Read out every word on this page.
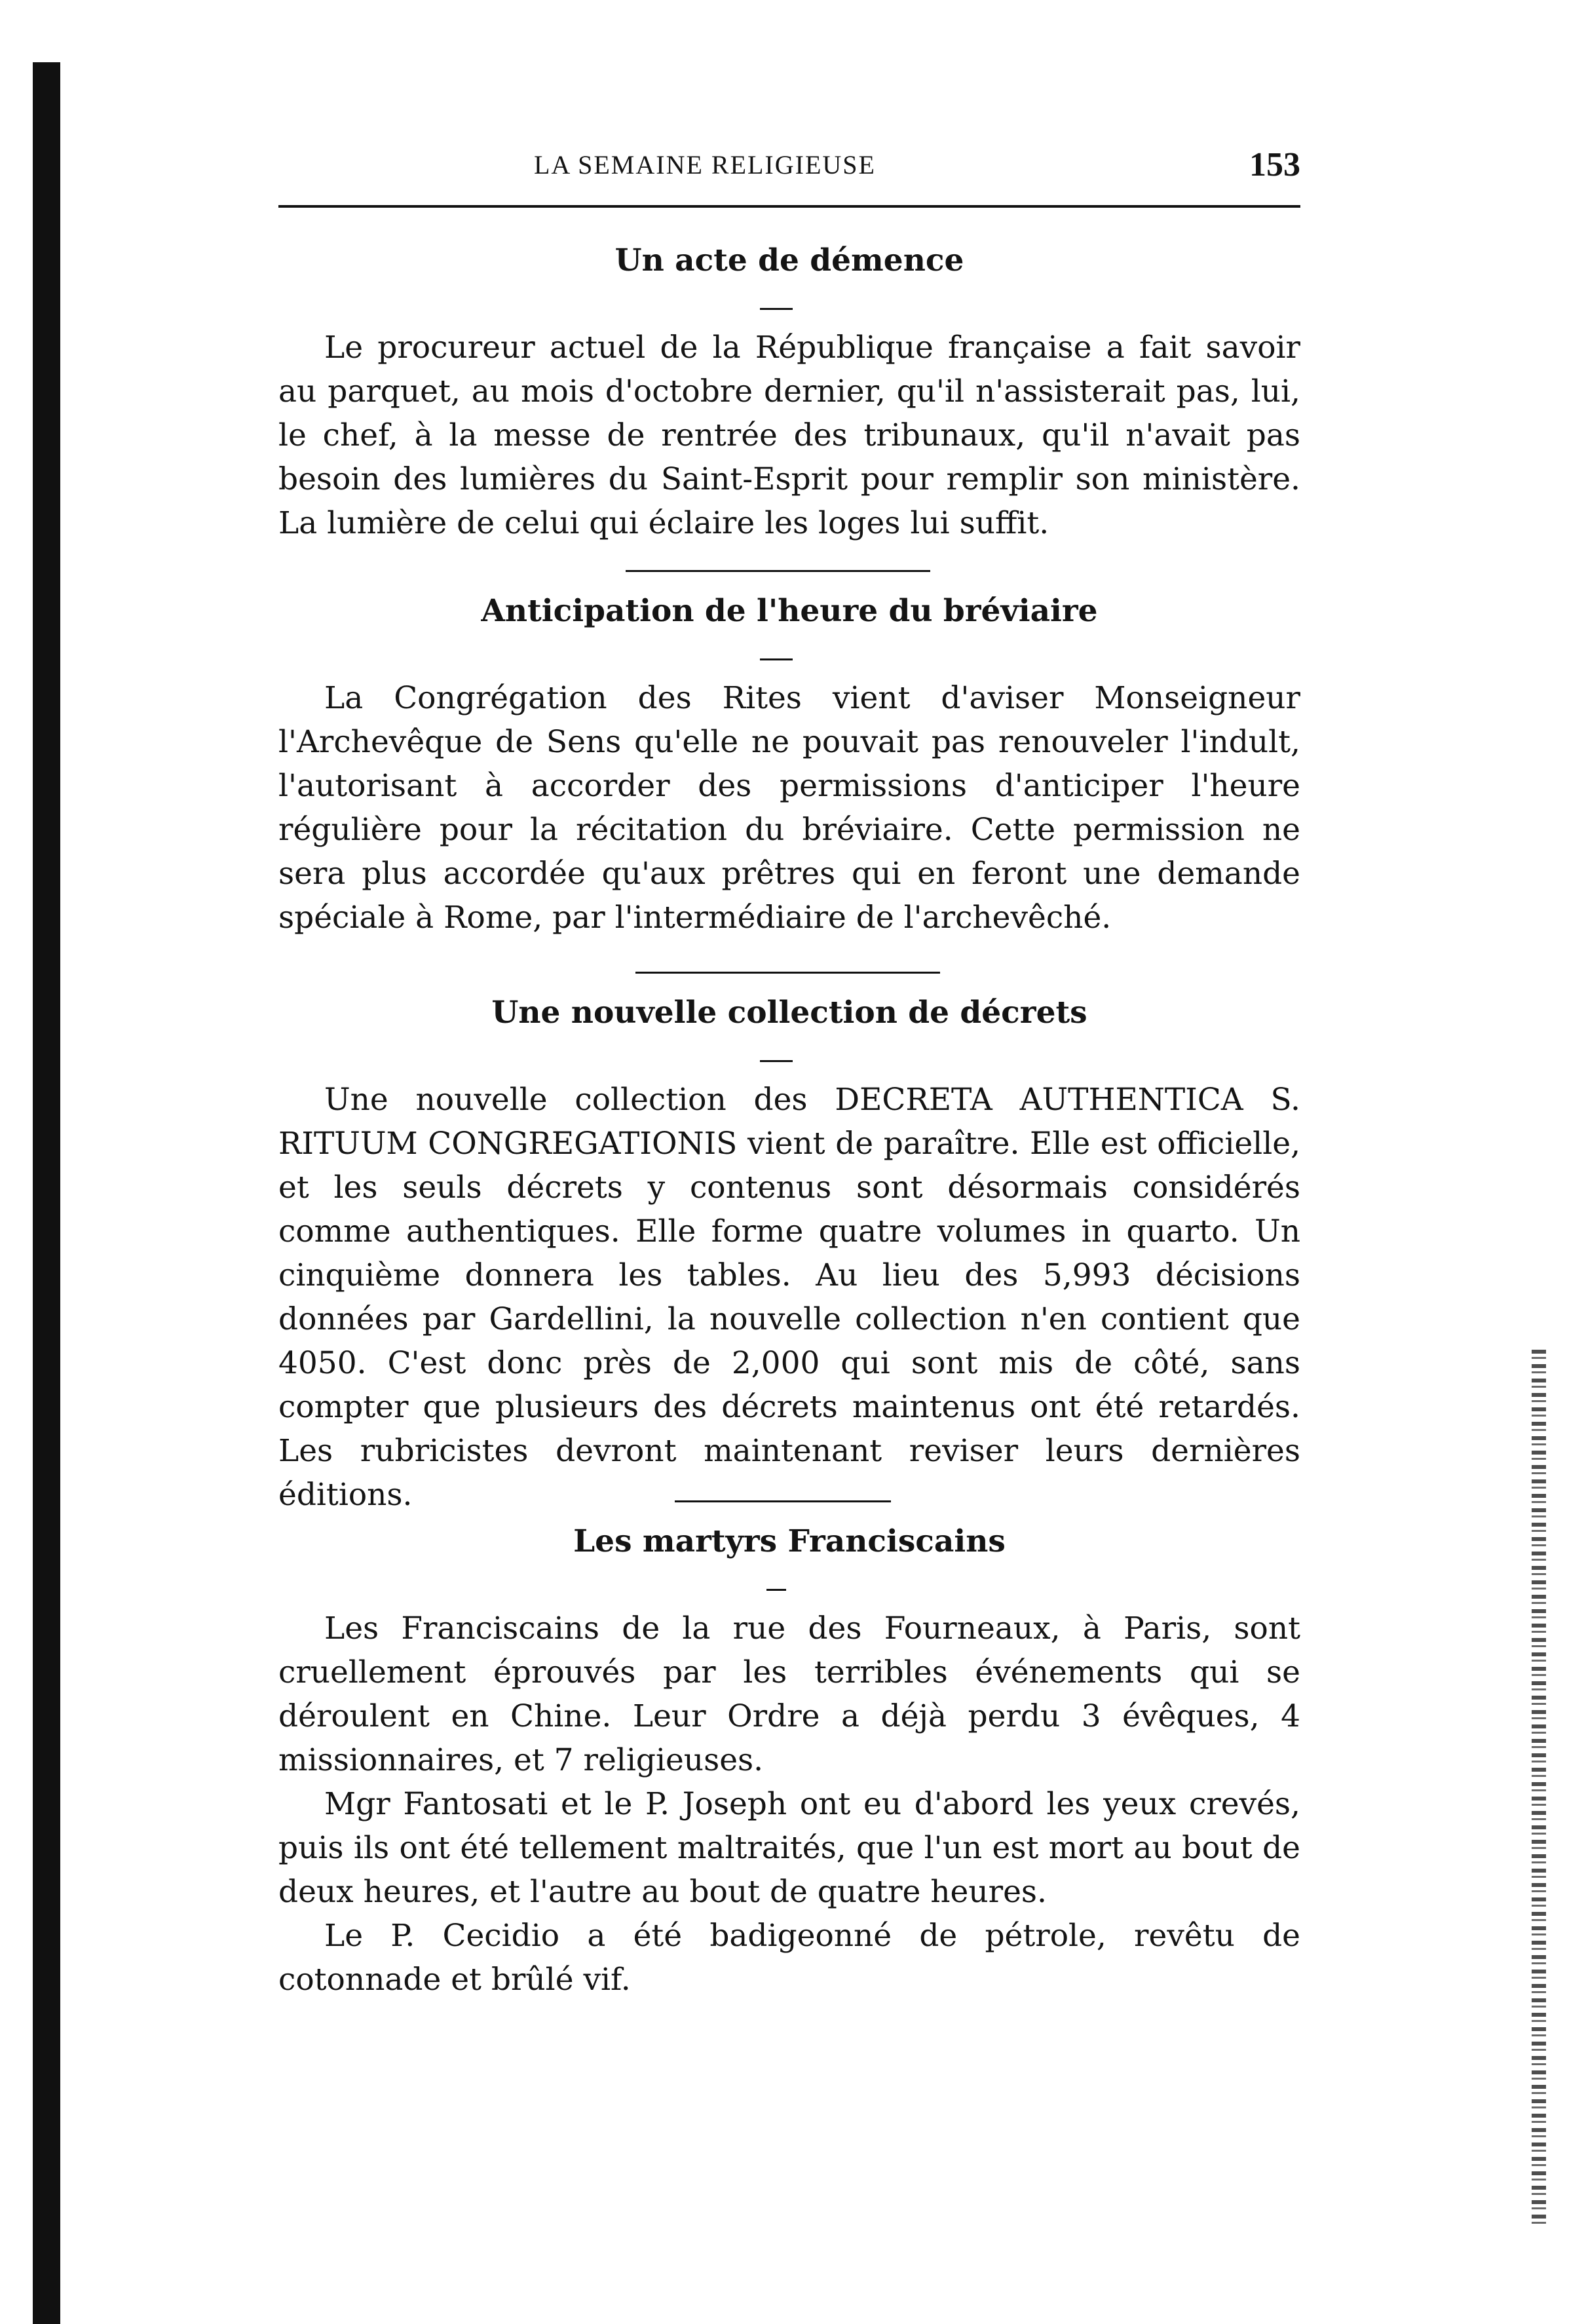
LA SEMAINE RELIGIEUSE	153
Un acte de démence

Le procureur actuel de la République française a fait savoir au parquet, au mois d'octobre dernier, qu'il n'assisterait pas, lui, le chef, à la messe de rentrée des tribunaux, qu'il n'avait pas besoin des lumières du Saint-Esprit pour remplir son ministère. La lumière de celui qui éclaire les loges lui suffit.

Anticipation de l'heure du bréviaire

La Congrégation des Rites vient d'aviser Monseigneur l'Archevêque de Sens qu'elle ne pouvait pas renouveler l'indult, l'autorisant à accorder des permissions d'anticiper l'heure régulière pour la récitation du bréviaire. Cette permission ne sera plus accordée qu'aux prêtres qui en feront une demande spéciale à Rome, par l'intermédiaire de l'archevêché.

Une nouvelle collection de décrets

Une nouvelle collection des DECRETA AUTHENTICA S. RITUUM CONGREGATIONIS vient de paraître. Elle est officielle, et les seuls décrets y contenus sont désormais considérés comme authentiques. Elle forme quatre volumes in quarto. Un cinquième donnera les tables. Au lieu des 5,993 décisions données par Gardellini, la nouvelle collection n'en contient que 4050. C'est donc près de 2,000 qui sont mis de côté, sans compter que plusieurs des décrets maintenus ont été retardés. Les rubricistes devront maintenant reviser leurs dernières éditions.

Les martyrs Franciscains

Les Franciscains de la rue des Fourneaux, à Paris, sont cruellement éprouvés par les terribles événements qui se déroulent en Chine. Leur Ordre a déjà perdu 3 évêques, 4 missionnaires, et 7 religieuses.

Mgr Fantosati et le P. Joseph ont eu d'abord les yeux crevés, puis ils ont été tellement maltraités, que l'un est mort au bout de deux heures, et l'autre au bout de quatre heures.

Le P. Cecidio a été badigeonné de pétrole, revêtu de cotonnade et brûlé vif.
